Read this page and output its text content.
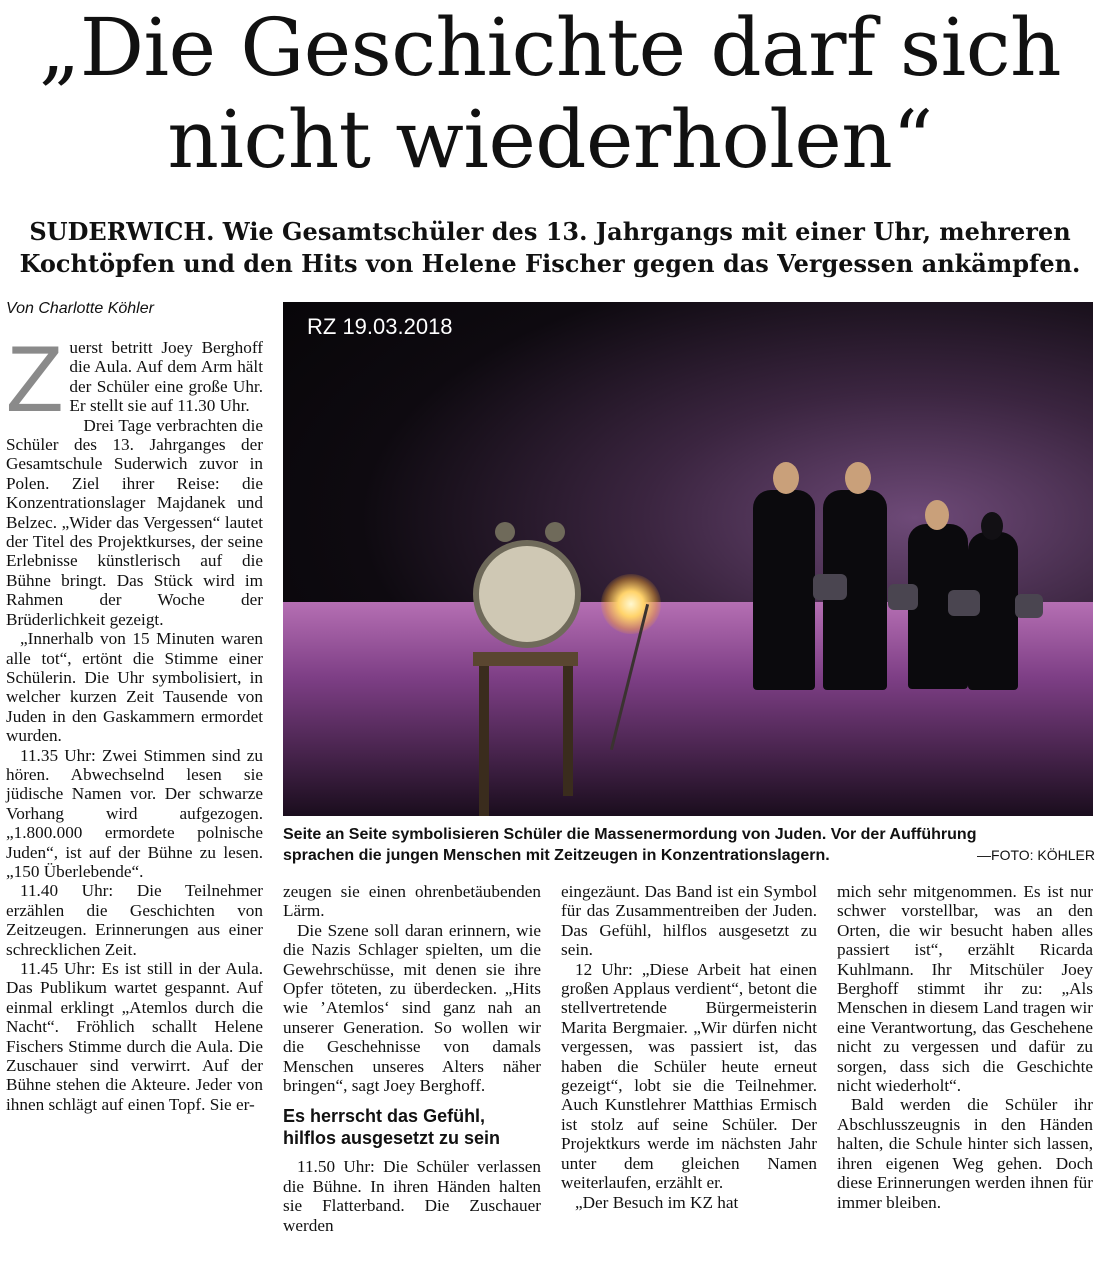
„Die Geschichte darf sich
nicht wiederholen“
SUDERWICH. Wie Gesamtschüler des 13. Jahrgangs mit einer Uhr, mehreren
Kochtöpfen und den Hits von Helene Fischer gegen das Vergessen ankämpfen.
Von Charlotte Köhler
RZ 19.03.2018
Seite an Seite symbolisieren Schüler die Massenermordung von Juden. Vor der Aufführung
sprachen die jungen Menschen mit Zeitzeugen in Konzentrationslagern.	—FOTO: KÖHLER

Zuerst betritt Joey Berghoff die Aula. Auf dem Arm hält der Schüler eine große Uhr. Er stellt sie auf 11.30 Uhr.

Drei Tage verbrachten die Schüler des 13. Jahrganges der Gesamtschule Suderwich zuvor in Polen. Ziel ihrer Reise: die Konzentrationslager Majdanek und Belzec. „Wider das Vergessen“ lautet der Titel des Projektkurses, der seine Erlebnisse künstlerisch auf die Bühne bringt. Das Stück wird im Rahmen der Woche der Brüderlichkeit gezeigt.

„Innerhalb von 15 Minuten waren alle tot“, ertönt die Stimme einer Schülerin. Die Uhr symbolisiert, in welcher kurzen Zeit Tausende von Juden in den Gaskammern ermordet wurden.

11.35 Uhr: Zwei Stimmen sind zu hören. Abwechselnd lesen sie jüdische Namen vor. Der schwarze Vorhang wird aufgezogen. „1.800.000 ermordete polnische Juden“, ist auf der Bühne zu lesen. „150 Überlebende“.

11.40 Uhr: Die Teilnehmer erzählen die Geschichten von Zeitzeugen. Erinnerungen aus einer schrecklichen Zeit.

11.45 Uhr: Es ist still in der Aula. Das Publikum wartet gespannt. Auf einmal erklingt „Atemlos durch die Nacht“. Fröhlich schallt Helene Fischers Stimme durch die Aula. Die Zuschauer sind verwirrt. Auf der Bühne stehen die Akteure. Jeder von ihnen schlägt auf einen Topf. Sie er-

zeugen sie einen ohrenbetäubenden Lärm.

Die Szene soll daran erinnern, wie die Nazis Schlager spielten, um die Gewehrschüsse, mit denen sie ihre Opfer töteten, zu überdecken. „Hits wie ’Atemlos‘ sind ganz nah an unserer Generation. So wollen wir die Geschehnisse von damals Menschen unseres Alters näher bringen“, sagt Joey Berghoff.

Es herrscht das Gefühl, hilflos ausgesetzt zu sein

11.50 Uhr: Die Schüler verlassen die Bühne. In ihren Händen halten sie Flatterband. Die Zuschauer werden

eingezäunt. Das Band ist ein Symbol für das Zusammentreiben der Juden. Das Gefühl, hilflos ausgesetzt zu sein.

12 Uhr: „Diese Arbeit hat einen großen Applaus verdient“, betont die stellvertretende Bürgermeisterin Marita Bergmaier. „Wir dürfen nicht vergessen, was passiert ist, das haben die Schüler heute erneut gezeigt“, lobt sie die Teilnehmer. Auch Kunstlehrer Matthias Ermisch ist stolz auf seine Schüler. Der Projektkurs werde im nächsten Jahr unter dem gleichen Namen weiterlaufen, erzählt er.

„Der Besuch im KZ hat

mich sehr mitgenommen. Es ist nur schwer vorstellbar, was an den Orten, die wir besucht haben alles passiert ist“, erzählt Ricarda Kuhlmann. Ihr Mitschüler Joey Berghoff stimmt ihr zu: „Als Menschen in diesem Land tragen wir eine Verantwortung, das Geschehene nicht zu vergessen und dafür zu sorgen, dass sich die Geschichte nicht wiederholt“.

Bald werden die Schüler ihr Abschlusszeugnis in den Händen halten, die Schule hinter sich lassen, ihren eigenen Weg gehen. Doch diese Erinnerungen werden ihnen für immer bleiben.
